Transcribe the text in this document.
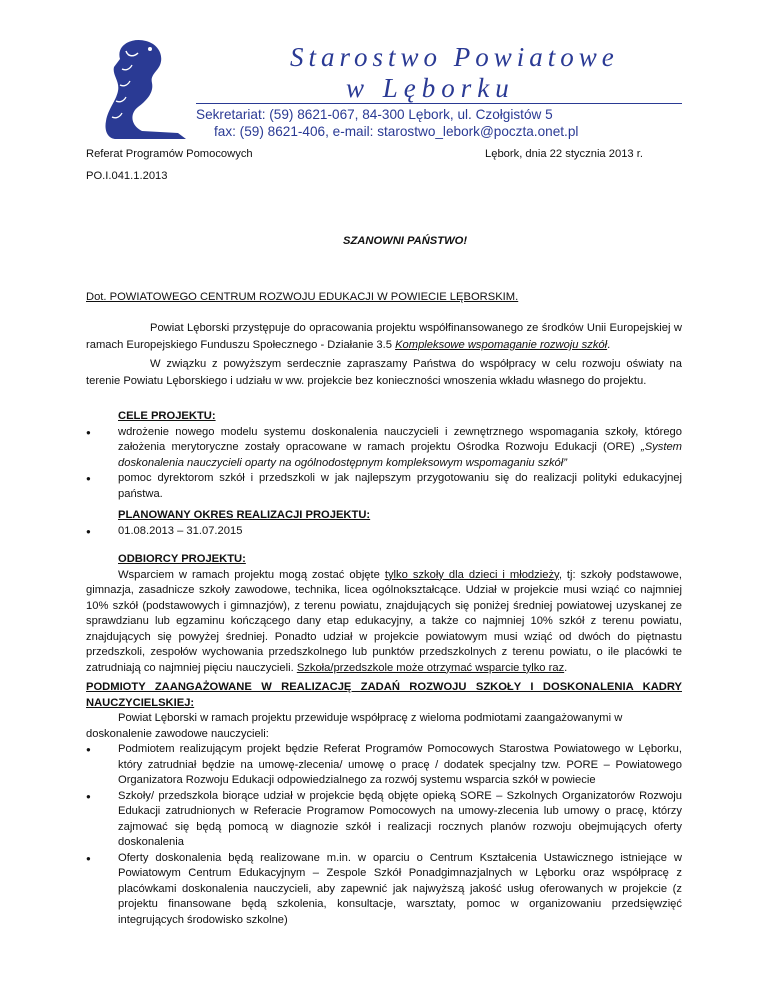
Starostwo Powiatowe
w Lęborku
Sekretariat: (59) 8621-067, 84-300 Lębork, ul. Czołgistów 5
fax: (59) 8621-406, e-mail: starostwo_lebork@poczta.onet.pl
Referat Programów Pomocowych	Lębork, dnia 22 stycznia 2013 r.
PO.I.041.1.2013
SZANOWNI PAŃSTWO!
Dot. POWIATOWEGO CENTRUM ROZWOJU EDUKACJI W POWIECIE LĘBORSKIM.
Powiat Lęborski przystępuje do opracowania projektu współfinansowanego ze środków Unii Europejskiej w ramach Europejskiego Funduszu Społecznego - Działanie 3.5 Kompleksowe wspomaganie rozwoju szkół.
W związku z powyższym serdecznie zapraszamy Państwa do współpracy w celu rozwoju oświaty na terenie Powiatu Lęborskiego i udziału w ww. projekcie bez konieczności wnoszenia wkładu własnego do projektu.
CELE PROJEKTU:
● wdrożenie nowego modelu systemu doskonalenia nauczycieli i zewnętrznego wspomagania szkoły, którego założenia merytoryczne zostały opracowane w ramach projektu Ośrodka Rozwoju Edukacji (ORE) „System doskonalenia nauczycieli oparty na ogólnodostępnym kompleksowym wspomaganiu szkół”
● pomoc dyrektorom szkół i przedszkoli w jak najlepszym przygotowaniu się do realizacji polityki edukacyjnej państwa.
PLANOWANY OKRES REALIZACJI PROJEKTU:
● 01.08.2013 – 31.07.2015
ODBIORCY PROJEKTU:
Wsparciem w ramach projektu mogą zostać objęte tylko szkoły dla dzieci i młodzieży, tj: szkoły podstawowe, gimnazja, zasadnicze szkoły zawodowe, technika, licea ogólnokształcące. Udział w projekcie musi wziąć co najmniej 10% szkół (podstawowych i gimnazjów), z terenu powiatu, znajdujących się poniżej średniej powiatowej uzyskanej ze sprawdzianu lub egzaminu kończącego dany etap edukacyjny, a także co najmniej 10% szkół z terenu powiatu, znajdujących się powyżej średniej. Ponadto udział w projekcie powiatowym musi wziąć od dwóch do piętnastu przedszkoli, zespołów wychowania przedszkolnego lub punktów przedszkolnych z terenu powiatu, o ile placówki te zatrudniają co najmniej pięciu nauczycieli. Szkoła/przedszkole może otrzymać wsparcie tylko raz.
PODMIOTY ZAANGAŻOWANE W REALIZACJĘ ZADAŃ ROZWOJU SZKOŁY I DOSKONALENIA KADRY NAUCZYCIELSKIEJ:
Powiat Lęborski w ramach projektu przewiduje współpracę z wieloma podmiotami zaangażowanymi w doskonalenie zawodowe nauczycieli:
● Podmiotem realizującym projekt będzie Referat Programów Pomocowych Starostwa Powiatowego w Lęborku, który zatrudniał będzie na umowę-zlecenia/ umowę o pracę / dodatek specjalny tzw. PORE – Powiatowego Organizatora Rozwoju Edukacji odpowiedzialnego za rozwój systemu wsparcia szkół w powiecie
● Szkoły/ przedszkola biorące udział w projekcie będą objęte opieką SORE – Szkolnych Organizatorów Rozwoju Edukacji zatrudnionych w Referacie Programow Pomocowych na umowy-zlecenia lub umowy o pracę, którzy zajmować się będą pomocą w diagnozie szkół i realizacji rocznych planów rozwoju obejmujących oferty doskonalenia
● Oferty doskonalenia będą realizowane m.in. w oparciu o Centrum Kształcenia Ustawicznego istniejące w Powiatowym Centrum Edukacyjnym – Zespole Szkół Ponadgimnazjalnych w Lęborku oraz współpracę z placówkami doskonalenia nauczycieli, aby zapewnić jak najwyższą jakość usług oferowanych w projekcie (z projektu finansowane będą szkolenia, konsultacje, warsztaty, pomoc w organizowaniu przedsięwzięć integrujących środowisko szkolne)
